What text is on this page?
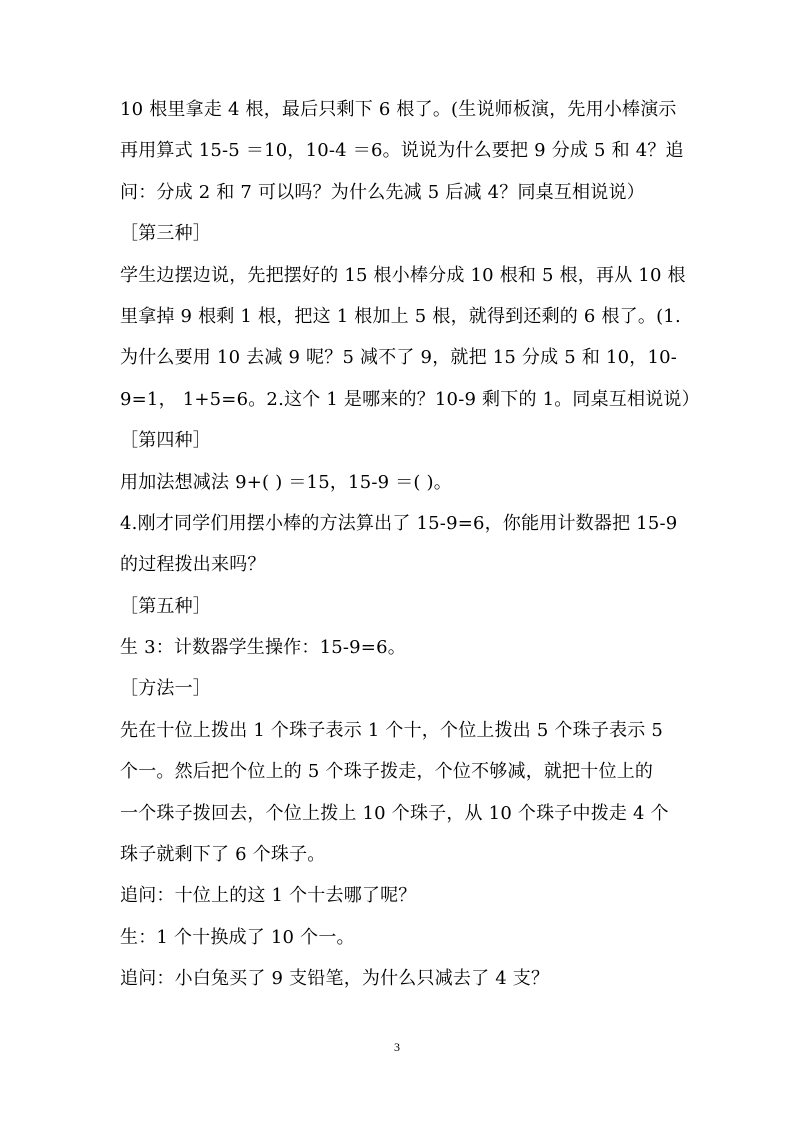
10 根里拿走 4 根，最后只剩下 6 根了。(生说师板演，先用小棒演示
再用算式 15-5 ＝10，10-4 ＝6。说说为什么要把 9 分成 5 和 4？追
问：分成 2 和 7 可以吗？为什么先减 5 后减 4？同桌互相说说）
［第三种］
学生边摆边说，先把摆好的 15 根小棒分成 10 根和 5 根，再从 10 根
里拿掉 9 根剩 1 根，把这 1 根加上 5 根，就得到还剩的 6 根了。(1.
为什么要用 10 去减 9 呢？5 减不了 9，就把 15 分成 5 和 10，10-
9=1， 1+5=6。2.这个 1 是哪来的？10-9 剩下的 1。同桌互相说说）
［第四种］
用加法想减法 9+( ) ＝15，15-9 ＝( )。
4.刚才同学们用摆小棒的方法算出了 15-9=6，你能用计数器把 15-9
的过程拨出来吗？
［第五种］
生 3：计数器学生操作：15-9=6。
［方法一］
先在十位上拨出 1 个珠子表示 1 个十，个位上拨出 5 个珠子表示 5
个一。然后把个位上的 5 个珠子拨走，个位不够减，就把十位上的
一个珠子拨回去，个位上拨上 10 个珠子，从 10 个珠子中拨走 4 个
珠子就剩下了 6 个珠子。
追问：十位上的这 1 个十去哪了呢？
生：1 个十换成了 10 个一。
追问：小白兔买了 9 支铅笔，为什么只减去了 4 支？
3
